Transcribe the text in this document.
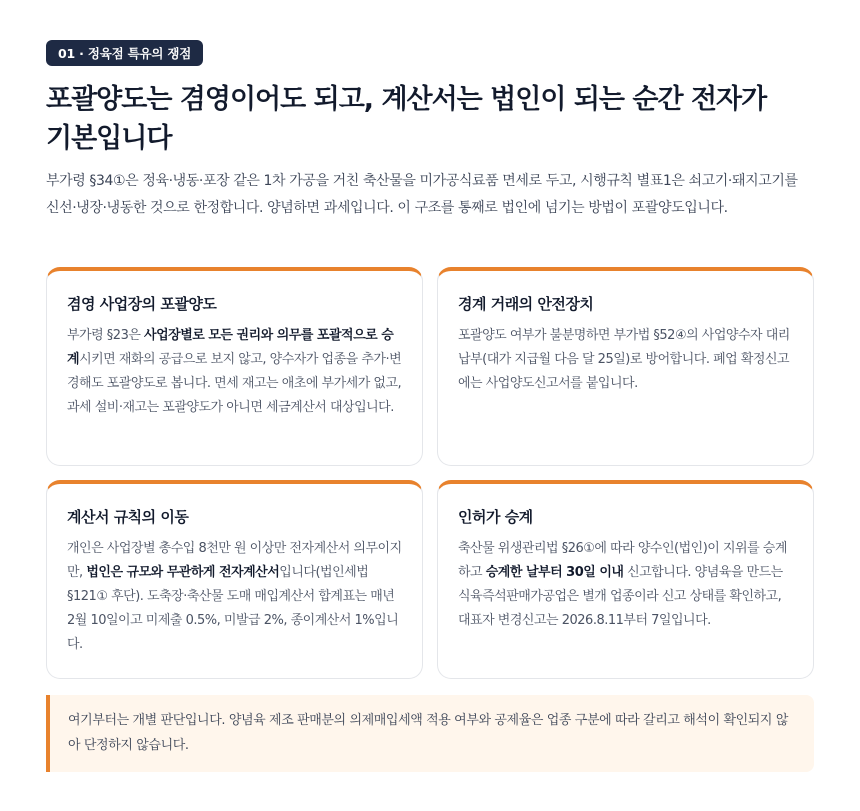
01 · 정육점 특유의 쟁점
포괄양도는 겸영이어도 되고, 계산서는 법인이 되는 순간 전자가 기본입니다

부가령 §34①은 정육·냉동·포장 같은 1차 가공을 거친 축산물을 미가공식료품 면세로 두고, 시행규칙 별표1은 쇠고기·돼지고기를 신선·냉장·냉동한 것으로 한정합니다. 양념하면 과세입니다. 이 구조를 통째로 법인에 넘기는 방법이 포괄양도입니다.

겸영 사업장의 포괄양도
부가령 §23은 사업장별로 모든 권리와 의무를 포괄적으로 승계시키면 재화의 공급으로 보지 않고, 양수자가 업종을 추가·변경해도 포괄양도로 봅니다. 면세 재고는 애초에 부가세가 없고, 과세 설비·재고는 포괄양도가 아니면 세금계산서 대상입니다.
경계 거래의 안전장치
포괄양도 여부가 불분명하면 부가법 §52④의 사업양수자 대리납부(대가 지급월 다음 달 25일)로 방어합니다. 폐업 확정신고에는 사업양도신고서를 붙입니다.
계산서 규칙의 이동
개인은 사업장별 총수입 8천만 원 이상만 전자계산서 의무이지만, 법인은 규모와 무관하게 전자계산서입니다(법인세법 §121① 후단). 도축장·축산물 도매 매입계산서 합계표는 매년 2월 10일이고 미제출 0.5%, 미발급 2%, 종이계산서 1%입니다.
인허가 승계
축산물 위생관리법 §26①에 따라 양수인(법인)이 지위를 승계하고 승계한 날부터 30일 이내 신고합니다. 양념육을 만드는 식육즉석판매가공업은 별개 업종이라 신고 상태를 확인하고, 대표자 변경신고는 2026.8.11부터 7일입니다.
여기부터는 개별 판단입니다. 양념육 제조 판매분의 의제매입세액 적용 여부와 공제율은 업종 구분에 따라 갈리고 해석이 확인되지 않아 단정하지 않습니다.
